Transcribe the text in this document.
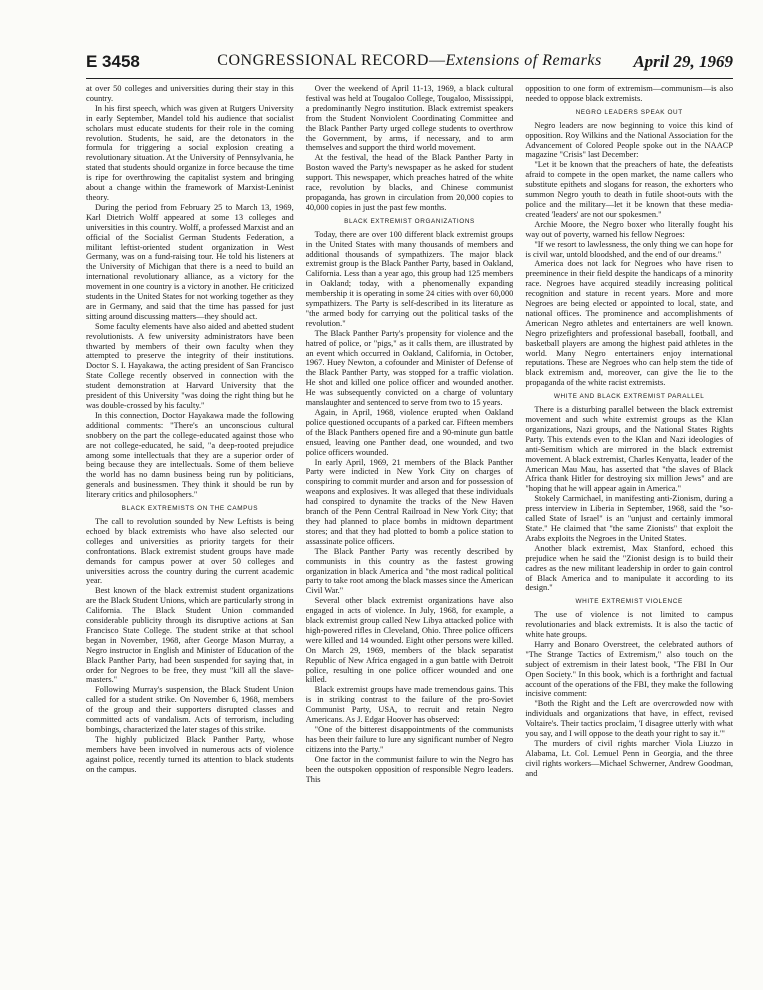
E 3458	CONGRESSIONAL RECORD—Extensions of Remarks	April 29, 1969

at over 50 colleges and universities during their stay in this country.

In his first speech, which was given at Rutgers University in early September, Mandel told his audience that socialist scholars must educate students for their role in the coming revolution. Students, he said, are the detonators in the formula for triggering a social explosion creating a revolutionary situation. At the University of Pennsylvania, he stated that students should organize in force because the time is ripe for overthrowing the capitalist system and bringing about a change within the framework of Marxist-Leninist theory.

During the period from February 25 to March 13, 1969, Karl Dietrich Wolff appeared at some 13 colleges and universities in this country. Wolff, a professed Marxist and an official of the Socialist German Students Federation, a militant leftist-oriented student organization in West Germany, was on a fund-raising tour. He told his listeners at the University of Michigan that there is a need to build an international revolutionary alliance, as a victory for the movement in one country is a victory in another. He criticized students in the United States for not working together as they are in Germany, and said that the time has passed for just sitting around discussing matters—they should act.

Some faculty elements have also aided and abetted student revolutionists. A few university administrators have been thwarted by members of their own faculty when they attempted to preserve the integrity of their institutions. Doctor S. I. Hayakawa, the acting president of San Francisco State College recently observed in connection with the student demonstration at Harvard University that the president of this University "was doing the right thing but he was double-crossed by his faculty."

In this connection, Doctor Hayakawa made the following additional comments: "There's an unconscious cultural snobbery on the part the college-educated against those who are not college-educated, he said, "a deep-rooted prejudice among some intellectuals that they are a superior order of being because they are intellectuals. Some of them believe the world has no damn business being run by politicians, generals and businessmen. They think it should be run by literary critics and philosophers."

BLACK EXTREMISTS ON THE CAMPUS

The call to revolution sounded by New Leftists is being echoed by black extremists who have also selected our colleges and universities as priority targets for their confrontations. Black extremist student groups have made demands for campus power at over 50 colleges and universities across the country during the current academic year.

Best known of the black extremist student organizations are the Black Student Unions, which are particularly strong in California. The Black Student Union commanded considerable publicity through its disruptive actions at San Francisco State College. The student strike at that school began in November, 1968, after George Mason Murray, a Negro instructor in English and Minister of Education of the Black Panther Party, had been suspended for saying that, in order for Negroes to be free, they must "kill all the slave-masters."

Following Murray's suspension, the Black Student Union called for a student strike. On November 6, 1968, members of the group and their supporters disrupted classes and committed acts of vandalism. Acts of terrorism, including bombings, characterized the later stages of this strike.

The highly publicized Black Panther Party, whose members have been involved in numerous acts of violence against police, recently turned its attention to black students on the campus.

Over the weekend of April 11-13, 1969, a black cultural festival was held at Tougaloo College, Tougaloo, Mississippi, a predominantly Negro institution. Black extremist speakers from the Student Nonviolent Coordinating Committee and the Black Panther Party urged college students to overthrow the Government, by arms, if necessary, and to arm themselves and support the third world movement.

At the festival, the head of the Black Panther Party in Boston waved the Party's newspaper as he asked for student support. This newspaper, which preaches hatred of the white race, revolution by blacks, and Chinese communist propaganda, has grown in circulation from 20,000 copies to 40,000 copies in just the past few months.

BLACK EXTREMIST ORGANIZATIONS

Today, there are over 100 different black extremist groups in the United States with many thousands of members and additional thousands of sympathizers. The major black extremist group is the Black Panther Party, based in Oakland, California. Less than a year ago, this group had 125 members in Oakland; today, with a phenomenally expanding membership it is operating in some 24 cities with over 60,000 sympathizers. The Party is self-described in its literature as "the armed body for carrying out the political tasks of the revolution."

The Black Panther Party's propensity for violence and the hatred of police, or "pigs," as it calls them, are illustrated by an event which occurred in Oakland, California, in October, 1967. Huey Newton, a cofounder and Minister of Defense of the Black Panther Party, was stopped for a traffic violation. He shot and killed one police officer and wounded another. He was subsequently convicted on a charge of voluntary manslaughter and sentenced to serve from two to 15 years.

Again, in April, 1968, violence erupted when Oakland police questioned occupants of a parked car. Fifteen members of the Black Panthers opened fire and a 90-minute gun battle ensued, leaving one Panther dead, one wounded, and two police officers wounded.

In early April, 1969, 21 members of the Black Panther Party were indicted in New York City on charges of conspiring to commit murder and arson and for possession of weapons and explosives. It was alleged that these individuals had conspired to dynamite the tracks of the New Haven branch of the Penn Central Railroad in New York City; that they had planned to place bombs in midtown department stores; and that they had plotted to bomb a police station to assassinate police officers.

The Black Panther Party was recently described by communists in this country as the fastest growing organization in black America and "the most radical political party to take root among the black masses since the American Civil War."

Several other black extremist organizations have also engaged in acts of violence. In July, 1968, for example, a black extremist group called New Libya attacked police with high-powered rifles in Cleveland, Ohio. Three police officers were killed and 14 wounded. Eight other persons were killed. On March 29, 1969, members of the black separatist Republic of New Africa engaged in a gun battle with Detroit police, resulting in one police officer wounded and one killed.

Black extremist groups have made tremendous gains. This is in striking contrast to the failure of the pro-Soviet Communist Party, USA, to recruit and retain Negro Americans. As J. Edgar Hoover has observed:

"One of the bitterest disappointments of the communists has been their failure to lure any significant number of Negro citizens into the Party."

One factor in the communist failure to win the Negro has been the outspoken opposition of responsible Negro leaders. This

opposition to one form of extremism—communism—is also needed to oppose black extremists.

NEGRO LEADERS SPEAK OUT

Negro leaders are now beginning to voice this kind of opposition. Roy Wilkins and the National Association for the Advancement of Colored People spoke out in the NAACP magazine "Crisis" last December:

"Let it be known that the preachers of hate, the defeatists afraid to compete in the open market, the name callers who substitute epithets and slogans for reason, the exhorters who summon Negro youth to death in futile shoot-outs with the police and the military—let it be known that these media-created 'leaders' are not our spokesmen."

Archie Moore, the Negro boxer who literally fought his way out of poverty, warned his fellow Negroes:

"If we resort to lawlessness, the only thing we can hope for is civil war, untold bloodshed, and the end of our dreams."

America does not lack for Negroes who have risen to preeminence in their field despite the handicaps of a minority race. Negroes have acquired steadily increasing political recognition and stature in recent years. More and more Negroes are being elected or appointed to local, state, and national offices. The prominence and accomplishments of American Negro athletes and entertainers are well known. Negro prizefighters and professional baseball, football, and basketball players are among the highest paid athletes in the world. Many Negro entertainers enjoy international reputations. These are Negroes who can help stem the tide of black extremism and, moreover, can give the lie to the propaganda of the white racist extremists.

WHITE AND BLACK EXTREMIST PARALLEL

There is a disturbing parallel between the black extremist movement and such white extremist groups as the Klan organizations, Nazi groups, and the National States Rights Party. This extends even to the Klan and Nazi ideologies of anti-Semitism which are mirrored in the black extremist movement. A black extremist, Charles Kenyatta, leader of the American Mau Mau, has asserted that "the slaves of Black Africa thank Hitler for destroying six million Jews" and are "hoping that he will appear again in America."

Stokely Carmichael, in manifesting anti-Zionism, during a press interview in Liberia in September, 1968, said the "so-called State of Israel" is an "unjust and certainly immoral State." He claimed that "the same Zionists" that exploit the Arabs exploits the Negroes in the United States.

Another black extremist, Max Stanford, echoed this prejudice when he said the "Zionist design is to build their cadres as the new militant leadership in order to gain control of Black America and to manipulate it according to its design."

WHITE EXTREMIST VIOLENCE

The use of violence is not limited to campus revolutionaries and black extremists. It is also the tactic of white hate groups.

Harry and Bonaro Overstreet, the celebrated authors of "The Strange Tactics of Extremism," also touch on the subject of extremism in their latest book, "The FBI In Our Open Society." In this book, which is a forthright and factual account of the operations of the FBI, they make the following incisive comment:

"Both the Right and the Left are overcrowded now with individuals and organizations that have, in effect, revised Voltaire's. Their tactics proclaim, 'I disagree utterly with what you say, and I will oppose to the death your right to say it.'"

The murders of civil rights marcher Viola Liuzzo in Alabama, Lt. Col. Lemuel Penn in Georgia, and the three civil rights workers—Michael Schwerner, Andrew Goodman, and
